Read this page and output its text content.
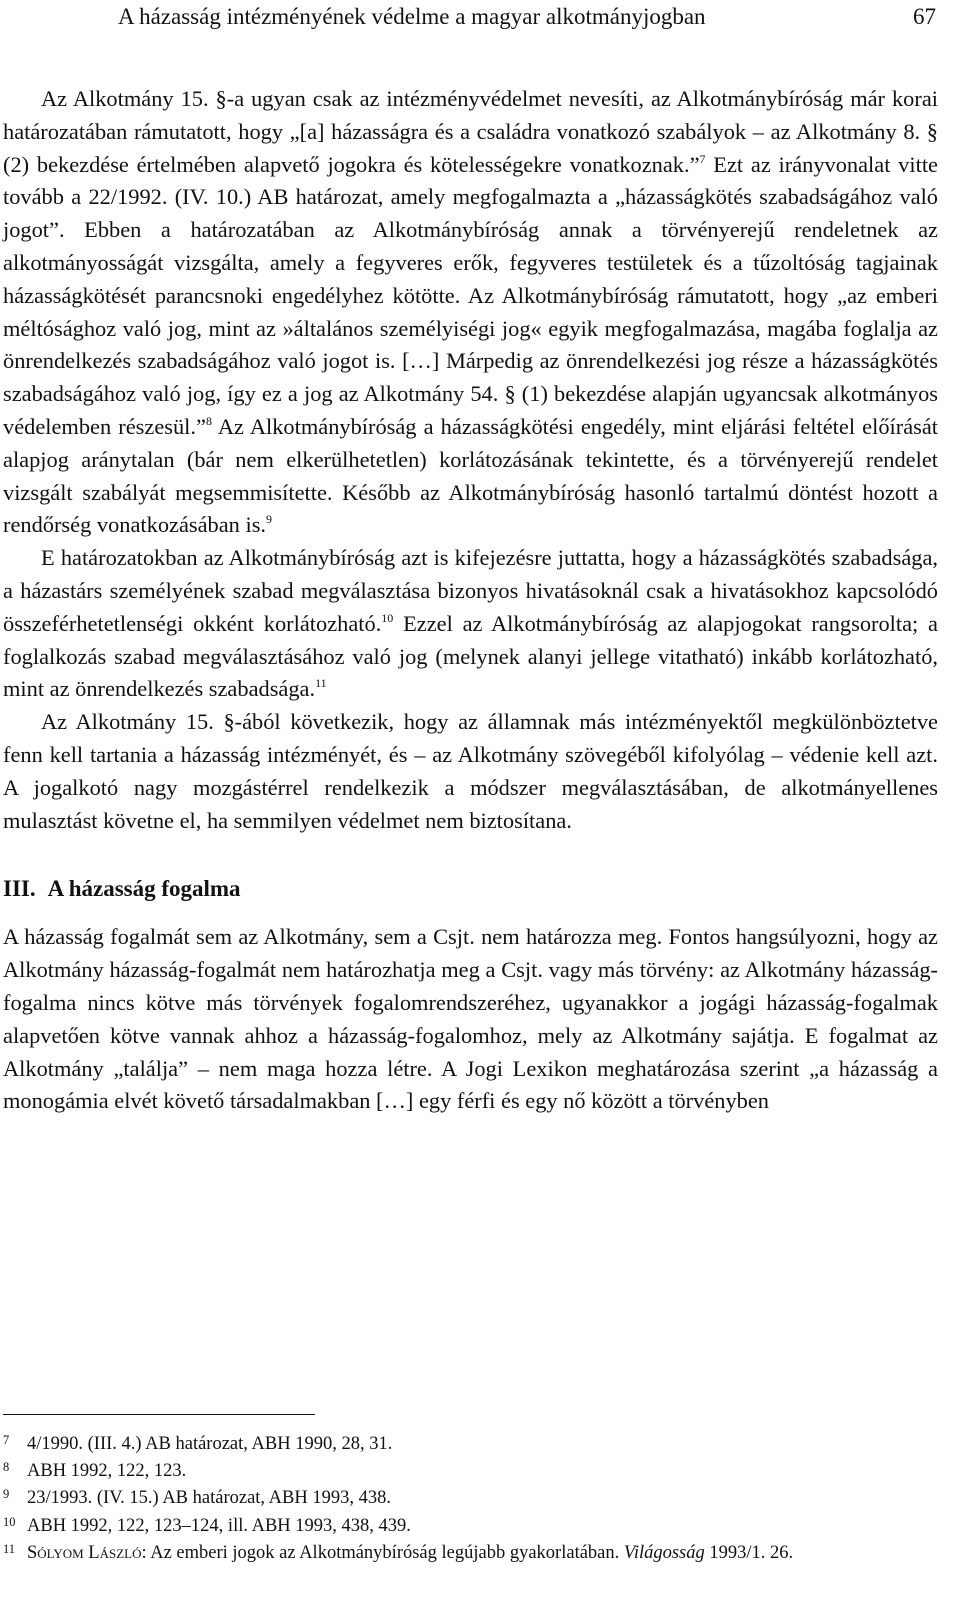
A házasság intézményének védelme a magyar alkotmányjogban	67

Az Alkotmány 15. §-a ugyan csak az intézményvédelmet nevesíti, az Alkotmánybíróság már korai határozatában rámutatott, hogy „[a] házasságra és a családra vonatkozó szabályok – az Alkotmány 8. § (2) bekezdése értelmében alapvető jogokra és kötelességekre vonatkoznak.”$^7$ Ezt az irányvonalat vitte tovább a 22/1992. (IV. 10.) AB határozat, amely megfogalmazta a „házasságkötés szabadságához való jogot”. Ebben a határozatában az Alkotmánybíróság annak a törvényerejű rendeletnek az alkotmányosságát vizsgálta, amely a fegyveres erők, fegyveres testületek és a tűzoltóság tagjainak házasságkötését parancsnoki engedélyhez kötötte. Az Alkotmánybíróság rámutatott, hogy „az emberi méltósághoz való jog, mint az »általános személyiségi jog« egyik megfogalmazása, magába foglalja az önrendelkezés szabadságához való jogot is. […] Márpedig az önrendelkezési jog része a házasságkötés szabadságához való jog, így ez a jog az Alkotmány 54. § (1) bekezdése alapján ugyancsak alkotmányos védelemben részesül.”$^8$ Az Alkotmánybíróság a házasságkötési engedély, mint eljárási feltétel előírását alapjog aránytalan (bár nem elkerülhetetlen) korlátozásának tekintette, és a törvényerejű rendelet vizsgált szabályát megsemmisítette. Később az Alkotmánybíróság hasonló tartalmú döntést hozott a rendőrség vonatkozásában is.$^9$

E határozatokban az Alkotmánybíróság azt is kifejezésre juttatta, hogy a házasságkötés szabadsága, a házastárs személyének szabad megválasztása bizonyos hivatásoknál csak a hivatásokhoz kapcsolódó összeférhetetlenségi okként korlátozható.$^{10}$ Ezzel az Alkotmánybíróság az alapjogokat rangsorolta; a foglalkozás szabad megválasztásához való jog (melynek alanyi jellege vitatható) inkább korlátozható, mint az önrendelkezés szabadsága.$^{11}$

Az Alkotmány 15. §-ából következik, hogy az államnak más intézményektől megkülönböztetve fenn kell tartania a házasság intézményét, és – az Alkotmány szövegéből kifolyólag – védenie kell azt. A jogalkotó nagy mozgástérrel rendelkezik a módszer megválasztásában, de alkotmányellenes mulasztást követne el, ha semmilyen védelmet nem biztosítana.

III. A házasság fogalma

A házasság fogalmát sem az Alkotmány, sem a Csjt. nem határozza meg. Fontos hangsúlyozni, hogy az Alkotmány házasság-fogalmát nem határozhatja meg a Csjt. vagy más törvény: az Alkotmány házasság-fogalma nincs kötve más törvények fogalomrendszeréhez, ugyanakkor a jogági házasság-fogalmak alapvetően kötve vannak ahhoz a házasság-fogalomhoz, mely az Alkotmány sajátja. E fogalmat az Alkotmány „találja” – nem maga hozza létre. A Jogi Lexikon meghatározása szerint „a házasság a monogámia elvét követő társadalmakban […] egy férfi és egy nő között a törvényben

7 4/1990. (III. 4.) AB határozat, ABH 1990, 28, 31.
8 ABH 1992, 122, 123.
9 23/1993. (IV. 15.) AB határozat, ABH 1993, 438.
10 ABH 1992, 122, 123–124, ill. ABH 1993, 438, 439.
11 Sólyom László: Az emberi jogok az Alkotmánybíróság legújabb gyakorlatában. Világosság 1993/1. 26.
